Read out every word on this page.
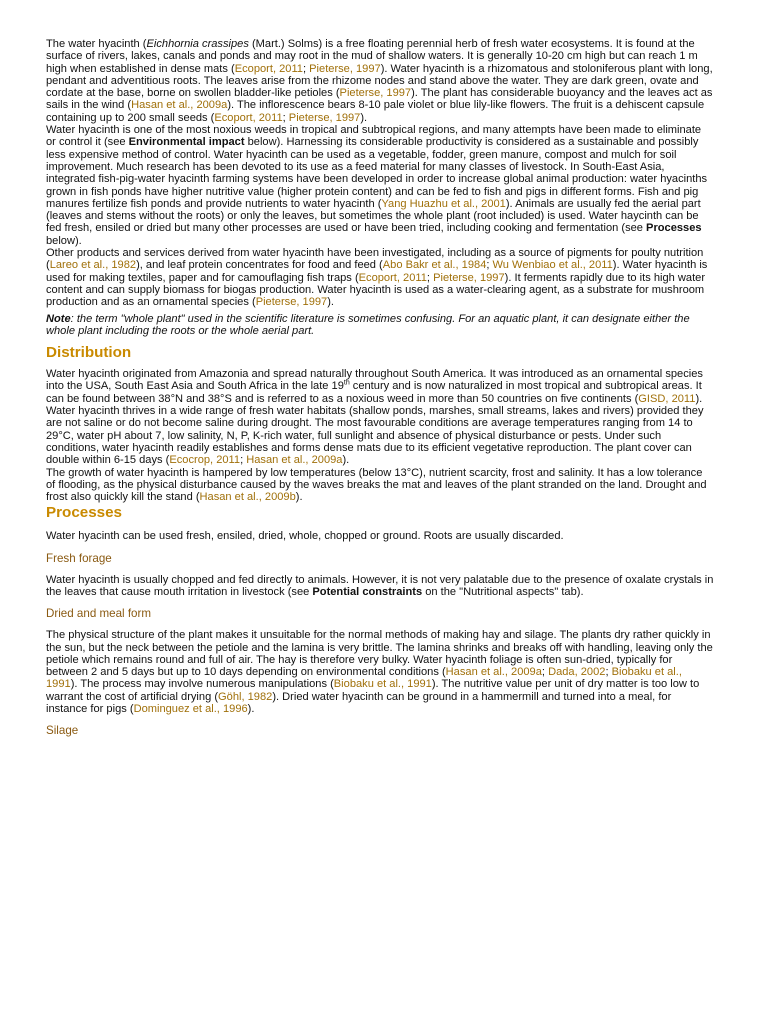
The water hyacinth (Eichhornia crassipes (Mart.) Solms) is a free floating perennial herb of fresh water ecosystems. It is found at the surface of rivers, lakes, canals and ponds and may root in the mud of shallow waters. It is generally 10-20 cm high but can reach 1 m high when established in dense mats (Ecoport, 2011; Pieterse, 1997). Water hyacinth is a rhizomatous and stoloniferous plant with long, pendant and adventitious roots. The leaves arise from the rhizome nodes and stand above the water. They are dark green, ovate and cordate at the base, borne on swollen bladder-like petioles (Pieterse, 1997). The plant has considerable buoyancy and the leaves act as sails in the wind (Hasan et al., 2009a). The inflorescence bears 8-10 pale violet or blue lily-like flowers. The fruit is a dehiscent capsule containing up to 200 small seeds (Ecoport, 2011; Pieterse, 1997).

Water hyacinth is one of the most noxious weeds in tropical and subtropical regions, and many attempts have been made to eliminate or control it (see Environmental impact below). Harnessing its considerable productivity is considered as a sustainable and possibly less expensive method of control. Water hyacinth can be used as a vegetable, fodder, green manure, compost and mulch for soil improvement. Much research has been devoted to its use as a feed material for many classes of livestock. In South-East Asia, integrated fish-pig-water hyacinth farming systems have been developed in order to increase global animal production: water hyacinths grown in fish ponds have higher nutritive value (higher protein content) and can be fed to fish and pigs in different forms. Fish and pig manures fertilize fish ponds and provide nutrients to water hyacinth (Yang Huazhu et al., 2001). Animals are usually fed the aerial part (leaves and stems without the roots) or only the leaves, but sometimes the whole plant (root included) is used. Water haycinth can be fed fresh, ensiled or dried but many other processes are used or have been tried, including cooking and fermentation (see Processes below).

Other products and services derived from water hyacinth have been investigated, including as a source of pigments for poulty nutrition (Lareo et al., 1982), and leaf protein concentrates for food and feed (Abo Bakr et al., 1984; Wu Wenbiao et al., 2011). Water hyacinth is used for making textiles, paper and for camouflaging fish traps (Ecoport, 2011; Pieterse, 1997). It ferments rapidly due to its high water content and can supply biomass for biogas production. Water hyacinth is used as a water-clearing agent, as a substrate for mushroom production and as an ornamental species (Pieterse, 1997).

Note: the term "whole plant" used in the scientific literature is sometimes confusing. For an aquatic plant, it can designate either the whole plant including the roots or the whole aerial part.

Distribution

Water hyacinth originated from Amazonia and spread naturally throughout South America. It was introduced as an ornamental species into the USA, South East Asia and South Africa in the late 19th century and is now naturalized in most tropical and subtropical areas. It can be found between 38°N and 38°S and is referred to as a noxious weed in more than 50 countries on five continents (GISD, 2011).

Water hyacinth thrives in a wide range of fresh water habitats (shallow ponds, marshes, small streams, lakes and rivers) provided they are not saline or do not become saline during drought. The most favourable conditions are average temperatures ranging from 14 to 29°C, water pH about 7, low salinity, N, P, K-rich water, full sunlight and absence of physical disturbance or pests. Under such conditions, water hyacinth readily establishes and forms dense mats due to its efficient vegetative reproduction. The plant cover can double within 6-15 days (Ecocrop, 2011; Hasan et al., 2009a).

The growth of water hyacinth is hampered by low temperatures (below 13°C), nutrient scarcity, frost and salinity. It has a low tolerance of flooding, as the physical disturbance caused by the waves breaks the mat and leaves of the plant stranded on the land. Drought and frost also quickly kill the stand (Hasan et al., 2009b).

Processes

Water hyacinth can be used fresh, ensiled, dried, whole, chopped or ground. Roots are usually discarded.

Fresh forage

Water hyacinth is usually chopped and fed directly to animals. However, it is not very palatable due to the presence of oxalate crystals in the leaves that cause mouth irritation in livestock (see Potential constraints on the "Nutritional aspects" tab).

Dried and meal form

The physical structure of the plant makes it unsuitable for the normal methods of making hay and silage. The plants dry rather quickly in the sun, but the neck between the petiole and the lamina is very brittle. The lamina shrinks and breaks off with handling, leaving only the petiole which remains round and full of air. The hay is therefore very bulky. Water hyacinth foliage is often sun-dried, typically for between 2 and 5 days but up to 10 days depending on environmental conditions (Hasan et al., 2009a; Dada, 2002; Biobaku et al., 1991). The process may involve numerous manipulations (Biobaku et al., 1991). The nutritive value per unit of dry matter is too low to warrant the cost of artificial drying (Göhl, 1982). Dried water hyacinth can be ground in a hammermill and turned into a meal, for instance for pigs (Dominguez et al., 1996).

Silage
